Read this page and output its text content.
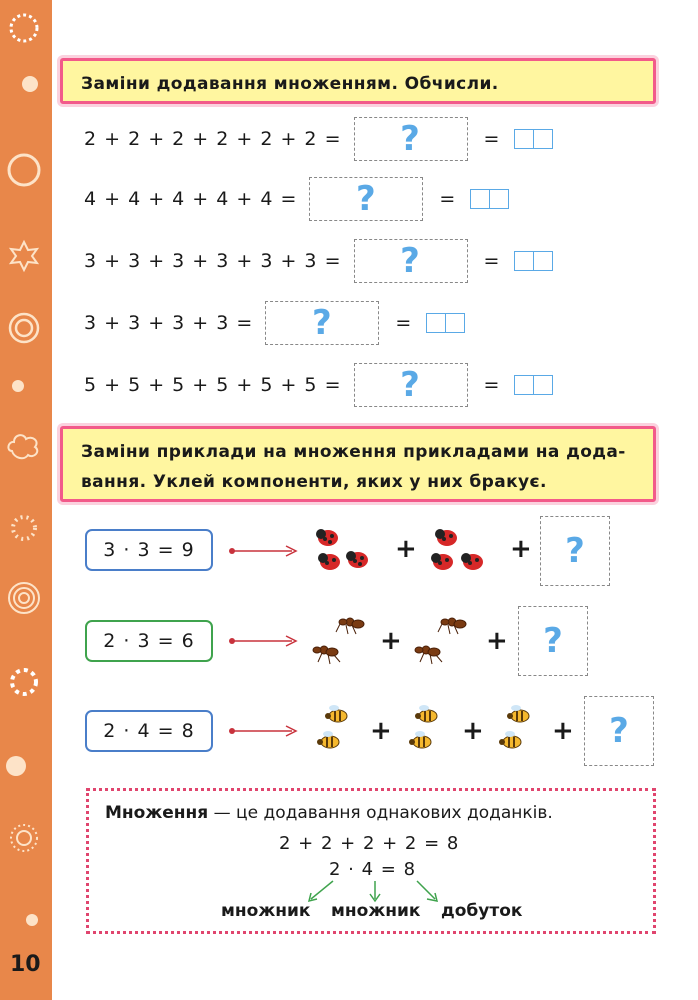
10
Заміни додавання множенням. Обчисли.
2 + 2 + 2 + 2 + 2 + 2 = ?	=
4 + 4 + 4 + 4 + 4 = ?	=
3 + 3 + 3 + 3 + 3 + 3 = ?	=
3 + 3 + 3 + 3 = ?	=
5 + 5 + 5 + 5 + 5 + 5 = ?	=
Заміни приклади на множення прикладами на дода-
вання. Уклей компоненти, яких у них бракує.
3 · 3 = 9	+	+ ?
2 · 3 = 6	+	+ ?
2 · 4 = 8	+	+	+ ?
Множення — це додавання однакових доданків.
2 + 2 + 2 + 2 = 8
2 · 4 = 8
множник множник добуток
